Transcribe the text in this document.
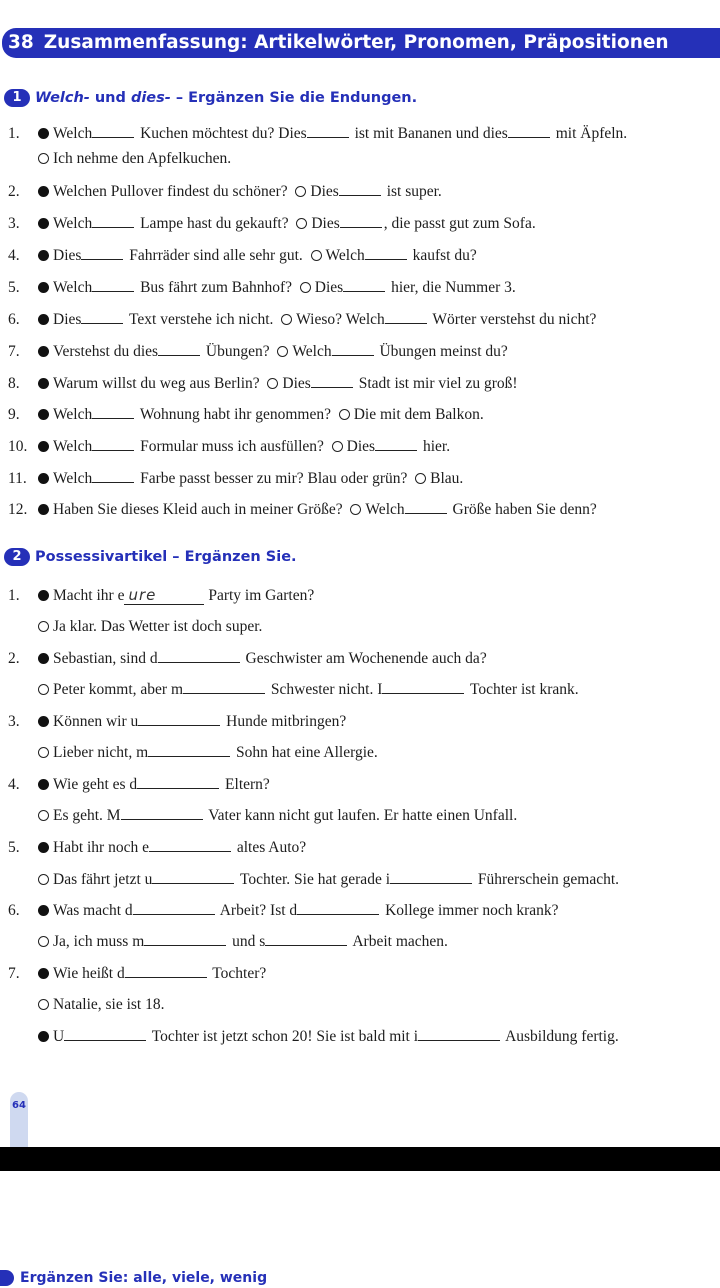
38 Zusammenfassung: Artikelwörter, Pronomen, Präpositionen
1 Welch- und dies- – Ergänzen Sie die Endungen.
1. Welch	Kuchen möchtest du? Dies	ist mit Bananen und dies	mit Äpfeln.
Ich nehme den Apfelkuchen.
2. Welchen Pullover findest du schöner? Dies	ist super.
3. Welch	Lampe hast du gekauft? Dies	, die passt gut zum Sofa.
4. Dies	Fahrräder sind alle sehr gut. Welch	kaufst du?
5. Welch	Bus fährt zum Bahnhof? Dies	hier, die Nummer 3.
6. Dies	Text verstehe ich nicht. Wieso? Welch	Wörter verstehst du nicht?
7. Verstehst du dies	Übungen? Welch	Übungen meinst du?
8. Warum willst du weg aus Berlin? Dies	Stadt ist mir viel zu groß!
9. Welch	Wohnung habt ihr genommen? Die mit dem Balkon.
10. Welch	Formular muss ich ausfüllen? Dies	hier.
11. Welch	Farbe passt besser zu mir? Blau oder grün? Blau.
12. Haben Sie dieses Kleid auch in meiner Größe? Welch	Größe haben Sie denn?
2 Possessivartikel – Ergänzen Sie.
1. Macht ihr e ure	Party im Garten?
Ja klar. Das Wetter ist doch super.
2. Sebastian, sind d	Geschwister am Wochenende auch da?
Peter kommt, aber m	Schwester nicht. I	Tochter ist krank.
3. Können wir u	Hunde mitbringen?
Lieber nicht, m	Sohn hat eine Allergie.
4. Wie geht es d	Eltern?
Es geht. M	Vater kann nicht gut laufen. Er hatte einen Unfall.
5. Habt ihr noch e	altes Auto?
Das fährt jetzt u	Tochter. Sie hat gerade i	Führerschein gemacht.
6. Was macht d	Arbeit? Ist d	Kollege immer noch krank?
Ja, ich muss m	und s	Arbeit machen.
7. Wie heißt d	Tochter?
Natalie, sie ist 18.
U	Tochter ist jetzt schon 20! Sie ist bald mit i	Ausbildung fertig.
64
Ergänzen Sie: alle, viele, wenig
